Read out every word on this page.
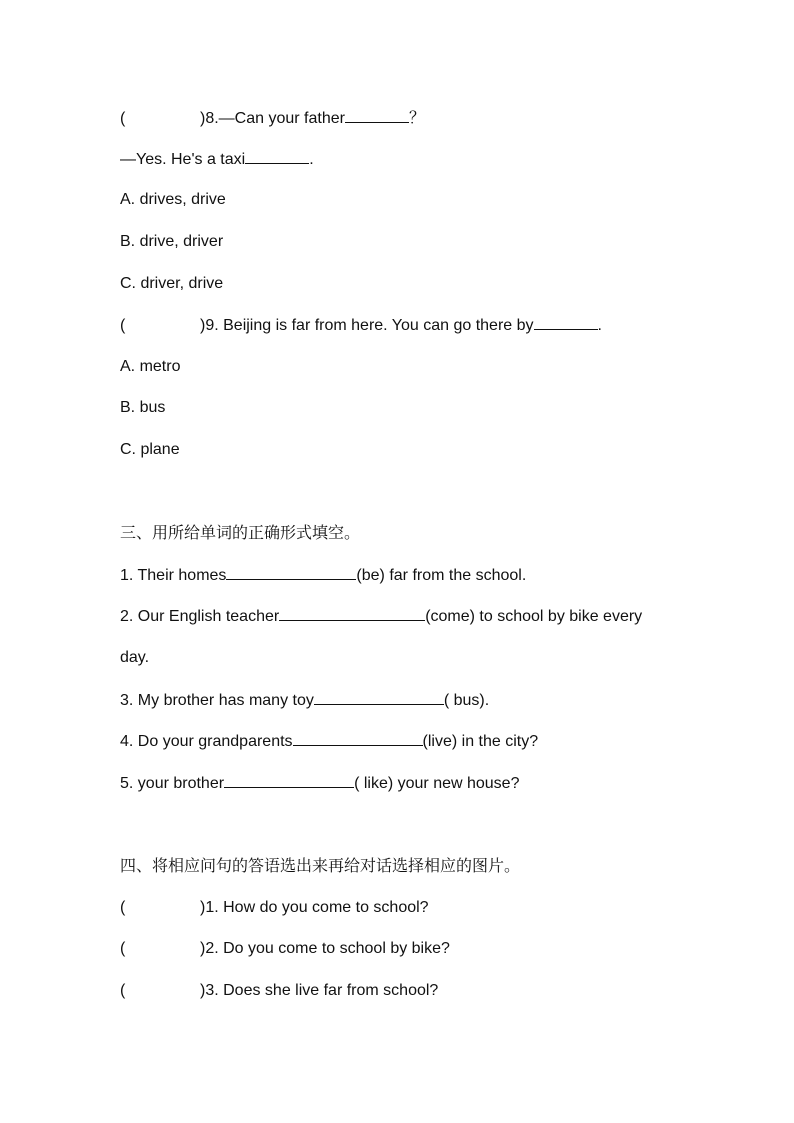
(	)8.—Can your father	？
—Yes. He's a taxi	.
A. drives, drive
B. drive, driver
C. driver, drive
(	)9. Beijing is far from here. You can go there by	.
A. metro
B. bus
C. plane
三、用所给单词的正确形式填空。
1. Their homes	(be) far from the school.
2. Our English teacher	(come) to school by bike every
day.
3. My brother has many toy	( bus).
4. Do your grandparents	(live) in the city?
5. your brother	( like) your new house?
四、将相应问句的答语选出来再给对话选择相应的图片。
(	)1. How do you come to school?
(	)2. Do you come to school by bike?
(	)3. Does she live far from school?
